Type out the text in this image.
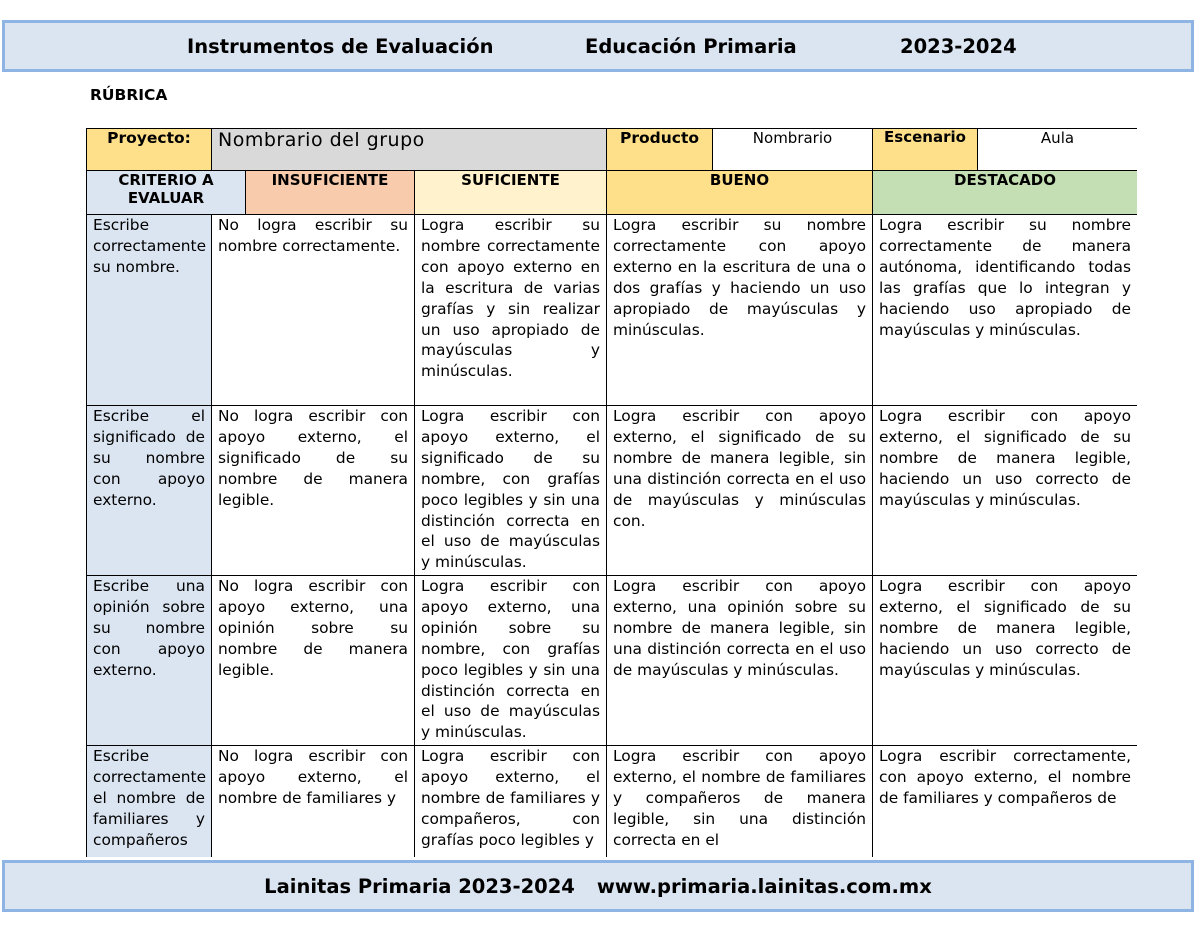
Instrumentos de Evaluación	Educación Primaria	2023-2024
RÚBRICA
Proyecto:	Nombrario del grupo			Producto	Nombrario	Escenario	Aula
CRITERIO A EVALUAR		INSUFICIENTE	SUFICIENTE	BUENO		DESTACADO	
Escribe correctamente su nombre.	No logra escribir su nombre correctamente.		Logra escribir su nombre correctamente con apoyo externo en la escritura de varias grafías y sin realizar un uso apropiado de mayúsculas y minúsculas.	Logra escribir su nombre correctamente con apoyo externo en la escritura de una o dos grafías y haciendo un uso apropiado de mayúsculas y minúsculas.		Logra escribir su nombre correctamente de manera autónoma, identificando todas las grafías que lo integran y haciendo uso apropiado de mayúsculas y minúsculas.	
Escribe el significado de su nombre con apoyo externo.	No logra escribir con apoyo externo, el significado de su nombre de manera legible.		Logra escribir con apoyo externo, el significado de su nombre, con grafías poco legibles y sin una distinción correcta en el uso de mayúsculas y minúsculas.	Logra escribir con apoyo externo, el significado de su nombre de manera legible, sin una distinción correcta en el uso de mayúsculas y minúsculas con.		Logra escribir con apoyo externo, el significado de su nombre de manera legible, haciendo un uso correcto de mayúsculas y minúsculas.	
Escribe una opinión sobre su nombre con apoyo externo.	No logra escribir con apoyo externo, una opinión sobre su nombre de manera legible.		Logra escribir con apoyo externo, una opinión sobre su nombre, con grafías poco legibles y sin una distinción correcta en el uso de mayúsculas y minúsculas.	Logra escribir con apoyo externo, una opinión sobre su nombre de manera legible, sin una distinción correcta en el uso de mayúsculas y minúsculas.		Logra escribir con apoyo externo, el significado de su nombre de manera legible, haciendo un uso correcto de mayúsculas y minúsculas.	
Escribe correctamente el nombre de familiares y compañeros	No logra escribir con apoyo externo, el nombre de familiares y		Logra escribir con apoyo externo, el nombre de familiares y compañeros, con grafías poco legibles y	Logra escribir con apoyo externo, el nombre de familiares y compañeros de manera legible, sin una distinción correcta en el		Logra escribir correctamente, con apoyo externo, el nombre de familiares y compañeros de	
Lainitas Primaria 2023-2024 www.primaria.lainitas.com.mx
